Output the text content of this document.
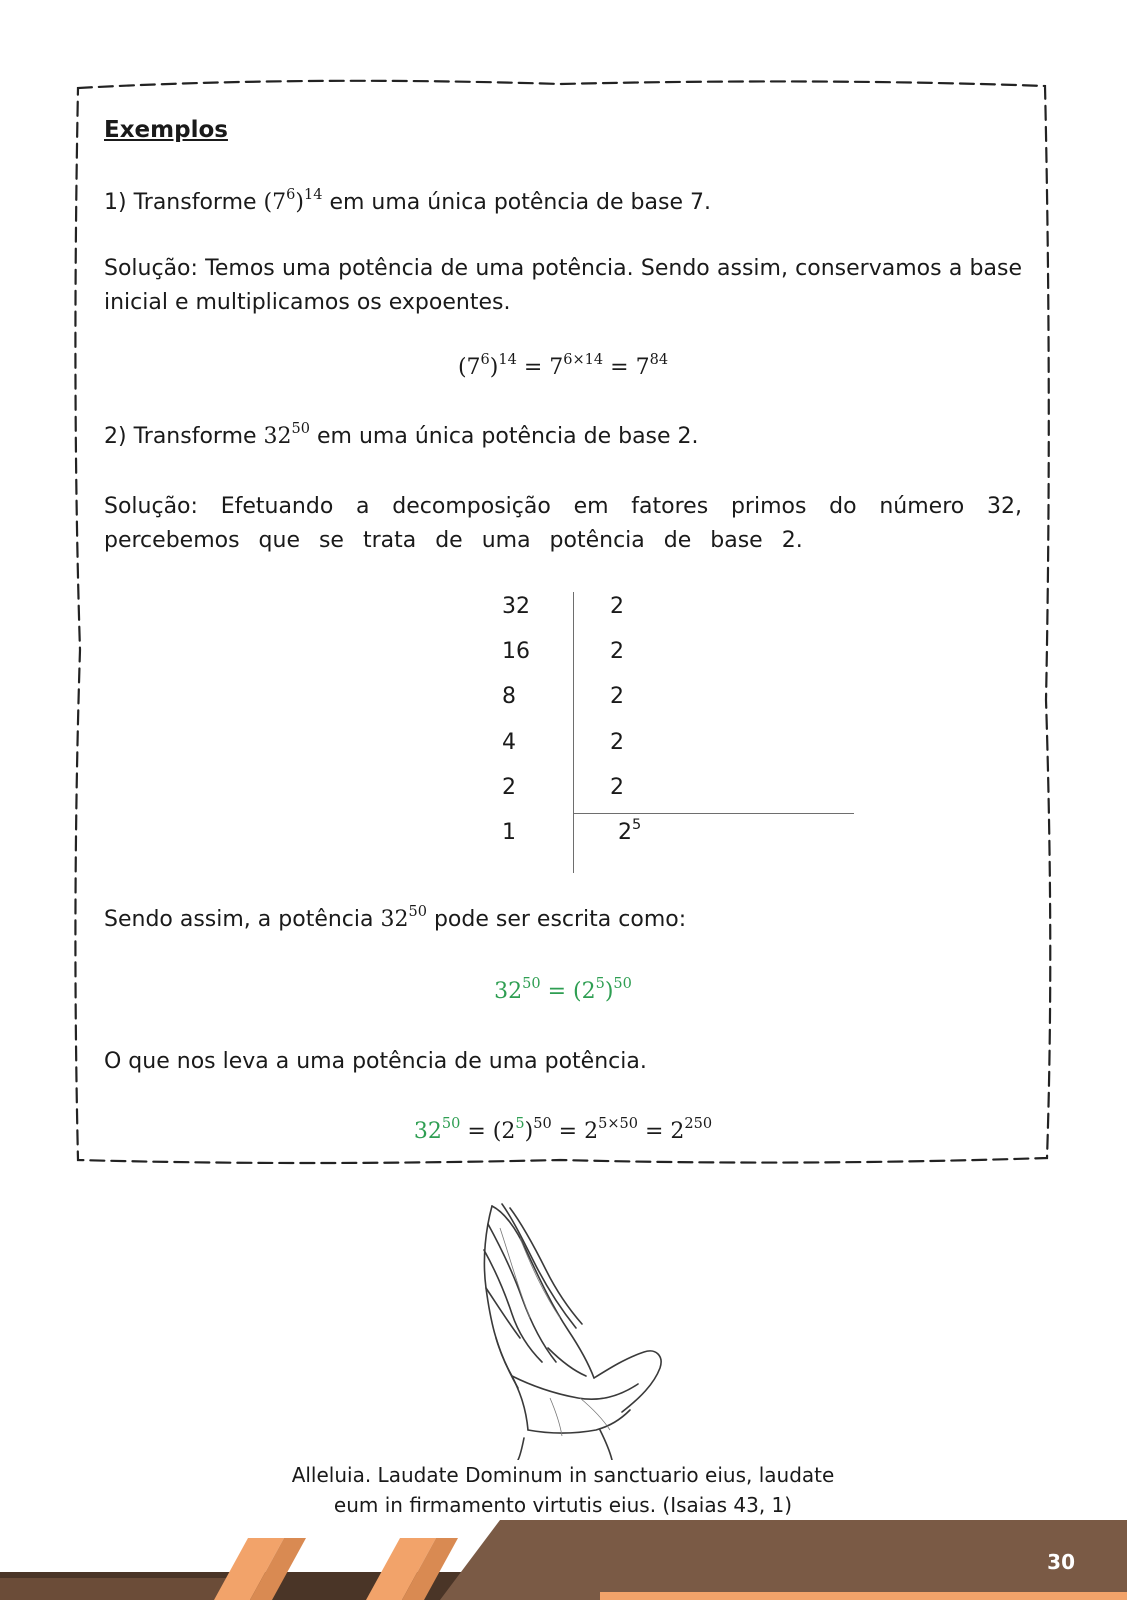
Exemplos
1) Transforme $(7^6)^{14}$ em uma única potência de base 7.
Solução: Temos uma potência de uma potência. Sendo assim, conservamos a base inicial e multiplicamos os expoentes.
$(7^6)^{14} = 7^{6\times 14} = 7^{84}$
2) Transforme $32^{50}$ em uma única potência de base 2.
Solução: Efetuando a decomposição em fatores primos do número 32, percebemos que se trata de uma potência de base 2.
32
16
8
4
2
1
2
2
2
2
2
$2^5$
Sendo assim, a potência $32^{50}$ pode ser escrita como:
$32^{50} = (2^5)^{50}$
O que nos leva a uma potência de uma potência.
$32^{50} = (2^5)^{50} = 2^{5\times 50} = 2^{250}$
Alleluia. Laudate Dominum in sanctuario eius, laudate
eum in firmamento virtutis eius. (Isaias 43, 1)
30
